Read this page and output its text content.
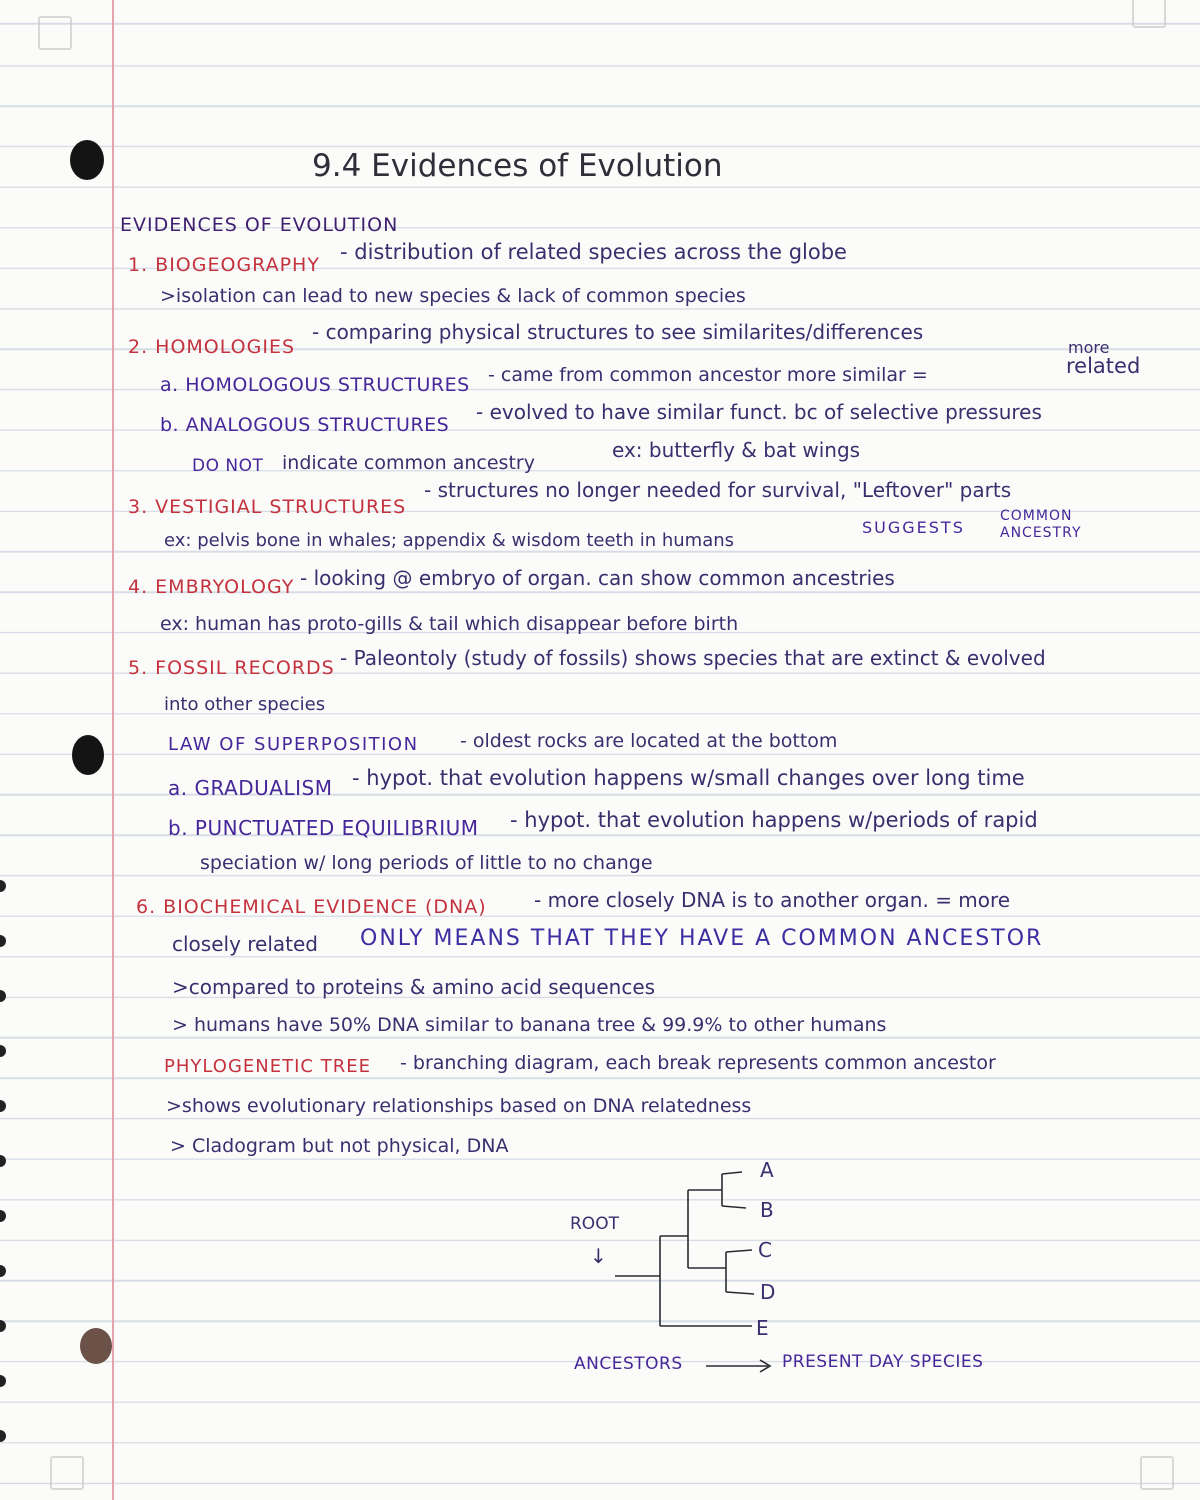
9.4 Evidences of Evolution
EVIDENCES OF EVOLUTION
1. BIOGEOGRAPHY
- distribution of related species across the globe
>isolation can lead to new species & lack of common species
2. HOMOLOGIES
- comparing physical structures to see similarites/differences
a. HOMOLOGOUS STRUCTURES - came from common ancestor more similar =
more
related
b. ANALOGOUS STRUCTURES
- evolved to have similar funct. bc of selective pressures
DO NOT indicate common ancestry
ex: butterfly & bat wings
3. VESTIGIAL STRUCTURES
- structures no longer needed for survival, "Leftover" parts
ex: pelvis bone in whales; appendix & wisdom teeth in humans
SUGGESTS
COMMON
ANCESTRY
4. EMBRYOLOGY - looking @ embryo of organ. can show common ancestries
ex: human has proto-gills & tail which disappear before birth
5. FOSSIL RECORDS - Paleontoly (study of fossils) shows species that are extinct & evolved
into other species
LAW OF SUPERPOSITION - oldest rocks are located at the bottom
a. GRADUALISM - hypot. that evolution happens w/small changes over long time
b. PUNCTUATED EQUILIBRIUM - hypot. that evolution happens w/periods of rapid
speciation w/ long periods of little to no change
6. BIOCHEMICAL EVIDENCE (DNA) - more closely DNA is to another organ. = more
closely related ONLY MEANS THAT THEY HAVE A COMMON ANCESTOR
>compared to proteins & amino acid sequences
> humans have 50% DNA similar to banana tree & 99.9% to other humans
PHYLOGENETIC TREE - branching diagram, each break represents common ancestor
>shows evolutionary relationships based on DNA relatedness
> Cladogram but not physical, DNA
ROOT
↓
A
B
C
D
E
ANCESTORS	PRESENT DAY SPECIES
